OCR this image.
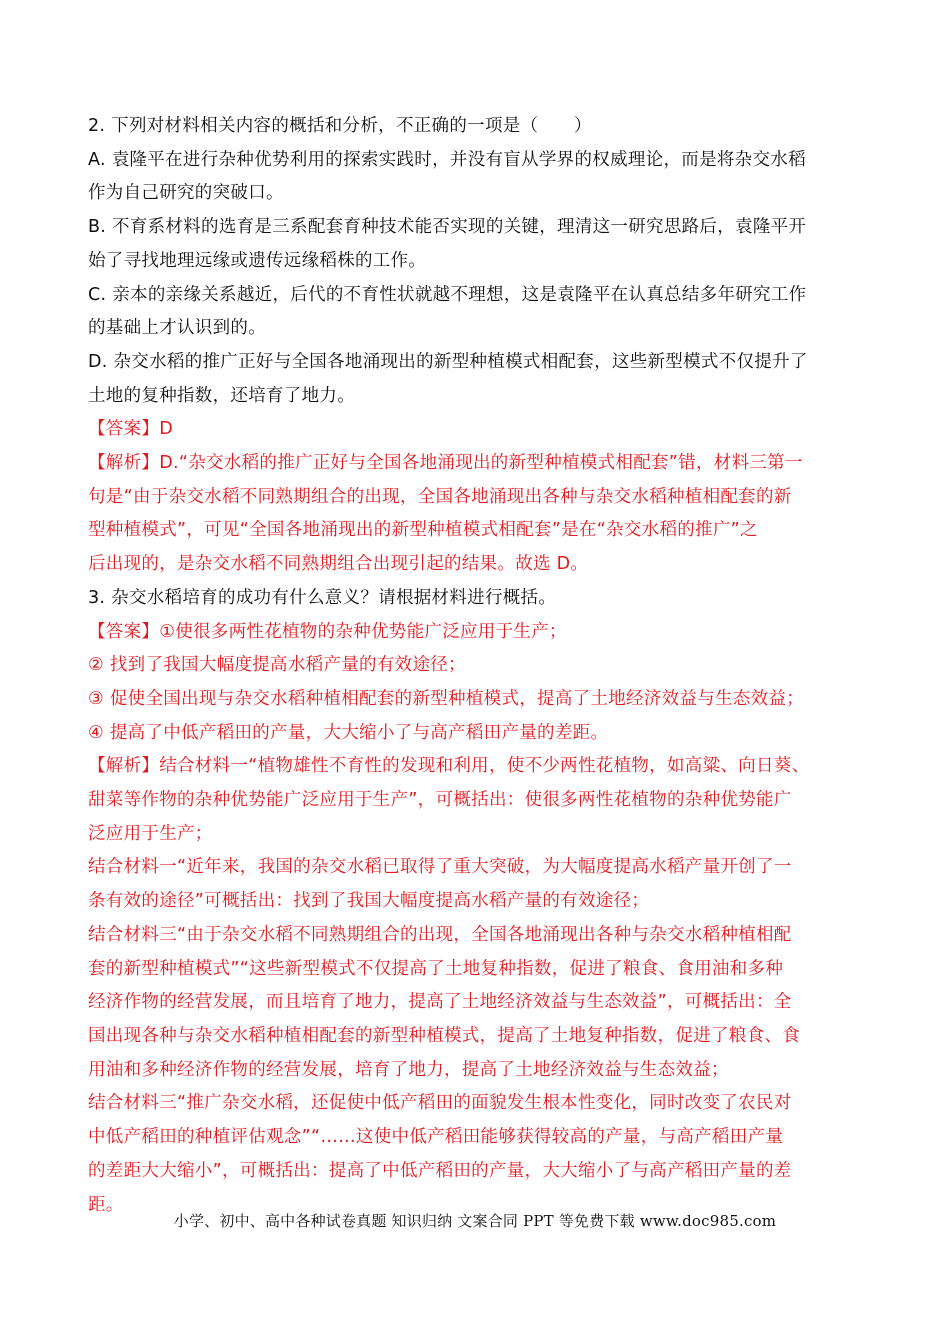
2. 下列对材料相关内容的概括和分析，不正确的一项是（　　）
A. 袁隆平在进行杂种优势利用的探索实践时，并没有盲从学界的权威理论，而是将杂交水稻
作为自己研究的突破口。
B. 不育系材料的选育是三系配套育种技术能否实现的关键，理清这一研究思路后，袁隆平开
始了寻找地理远缘或遗传远缘稻株的工作。
C. 亲本的亲缘关系越近，后代的不育性状就越不理想，这是袁隆平在认真总结多年研究工作
的基础上才认识到的。
D. 杂交水稻的推广正好与全国各地涌现出的新型种植模式相配套，这些新型模式不仅提升了
土地的复种指数，还培育了地力。
【答案】D
【解析】D.“杂交水稻的推广正好与全国各地涌现出的新型种植模式相配套”错，材料三第一
句是“由于杂交水稻不同熟期组合的出现，全国各地涌现出各种与杂交水稻种植相配套的新
型种植模式”，可见“全国各地涌现出的新型种植模式相配套”是在“杂交水稻的推广”之
后出现的，是杂交水稻不同熟期组合出现引起的结果。故选 D。
3. 杂交水稻培育的成功有什么意义？请根据材料进行概括。
【答案】①使很多两性花植物的杂种优势能广泛应用于生产；
② 找到了我国大幅度提高水稻产量的有效途径；
③ 促使全国出现与杂交水稻种植相配套的新型种植模式，提高了土地经济效益与生态效益；
④ 提高了中低产稻田的产量，大大缩小了与高产稻田产量的差距。
【解析】结合材料一“植物雄性不育性的发现和利用，使不少两性花植物，如高粱、向日葵、
甜菜等作物的杂种优势能广泛应用于生产”，可概括出：使很多两性花植物的杂种优势能广
泛应用于生产；
结合材料一“近年来，我国的杂交水稻已取得了重大突破，为大幅度提高水稻产量开创了一
条有效的途径”可概括出：找到了我国大幅度提高水稻产量的有效途径；
结合材料三“由于杂交水稻不同熟期组合的出现，全国各地涌现出各种与杂交水稻种植相配
套的新型种植模式”“这些新型模式不仅提高了土地复种指数，促进了粮食、食用油和多种
经济作物的经营发展，而且培育了地力，提高了土地经济效益与生态效益”，可概括出：全
国出现各种与杂交水稻种植相配套的新型种植模式，提高了土地复种指数，促进了粮食、食
用油和多种经济作物的经营发展，培育了地力，提高了土地经济效益与生态效益；
结合材料三“推广杂交水稻，还促使中低产稻田的面貌发生根本性变化，同时改变了农民对
中低产稻田的种植评估观念”“……这使中低产稻田能够获得较高的产量，与高产稻田产量
的差距大大缩小”，可概括出：提高了中低产稻田的产量，大大缩小了与高产稻田产量的差
距。
小学、初中、高中各种试卷真题 知识归纳 文案合同 PPT 等免费下载 www.doc985.com
